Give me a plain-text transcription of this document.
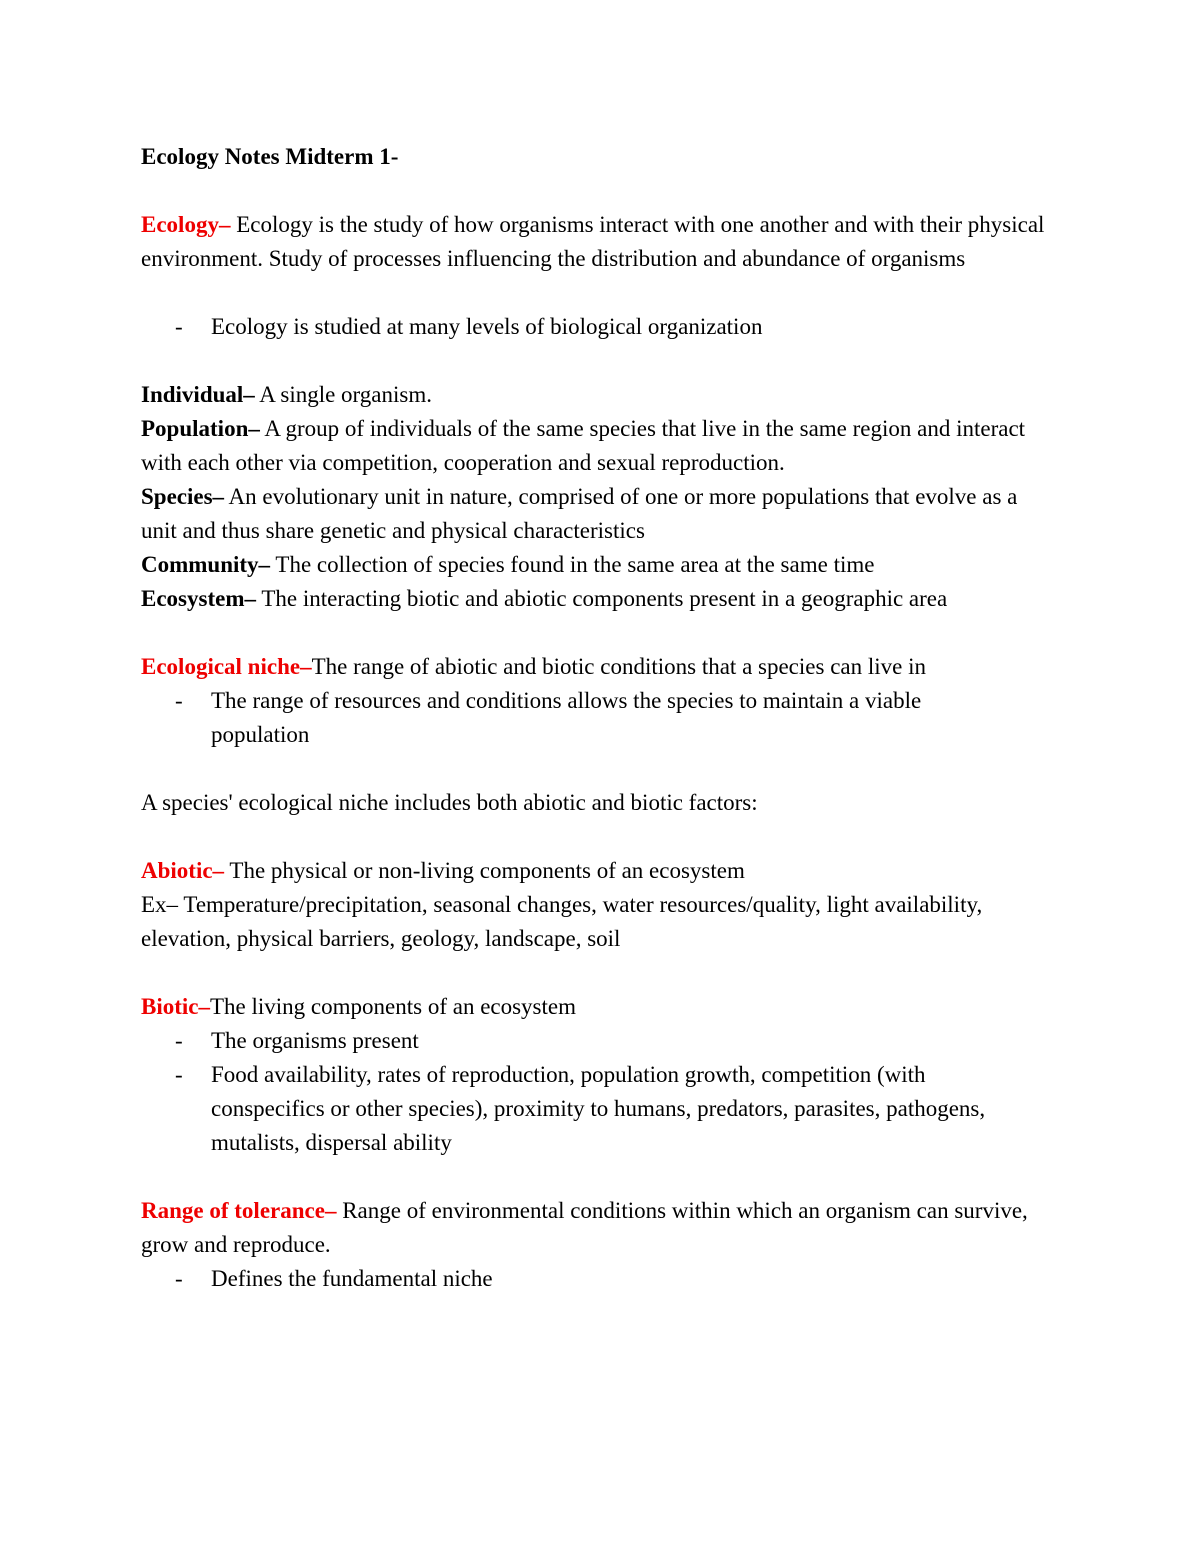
Ecology Notes Midterm 1-

Ecology– Ecology is the study of how organisms interact with one another and with their physical environment. Study of processes influencing the distribution and abundance of organisms

- Ecology is studied at many levels of biological organization

Individual– A single organism.

Population– A group of individuals of the same species that live in the same region and interact with each other via competition, cooperation and sexual reproduction.

Species– An evolutionary unit in nature, comprised of one or more populations that evolve as a unit and thus share genetic and physical characteristics

Community– The collection of species found in the same area at the same time

Ecosystem– The interacting biotic and abiotic components present in a geographic area

Ecological niche–The range of abiotic and biotic conditions that a species can live in

- The range of resources and conditions allows the species to maintain a viable population

A species' ecological niche includes both abiotic and biotic factors:

Abiotic– The physical or non-living components of an ecosystem

Ex– Temperature/precipitation, seasonal changes, water resources/quality, light availability, elevation, physical barriers, geology, landscape, soil

Biotic–The living components of an ecosystem

- The organisms present
- Food availability, rates of reproduction, population growth, competition (with conspecifics or other species), proximity to humans, predators, parasites, pathogens, mutalists, dispersal ability

Range of tolerance– Range of environmental conditions within which an organism can survive, grow and reproduce.

- Defines the fundamental niche
